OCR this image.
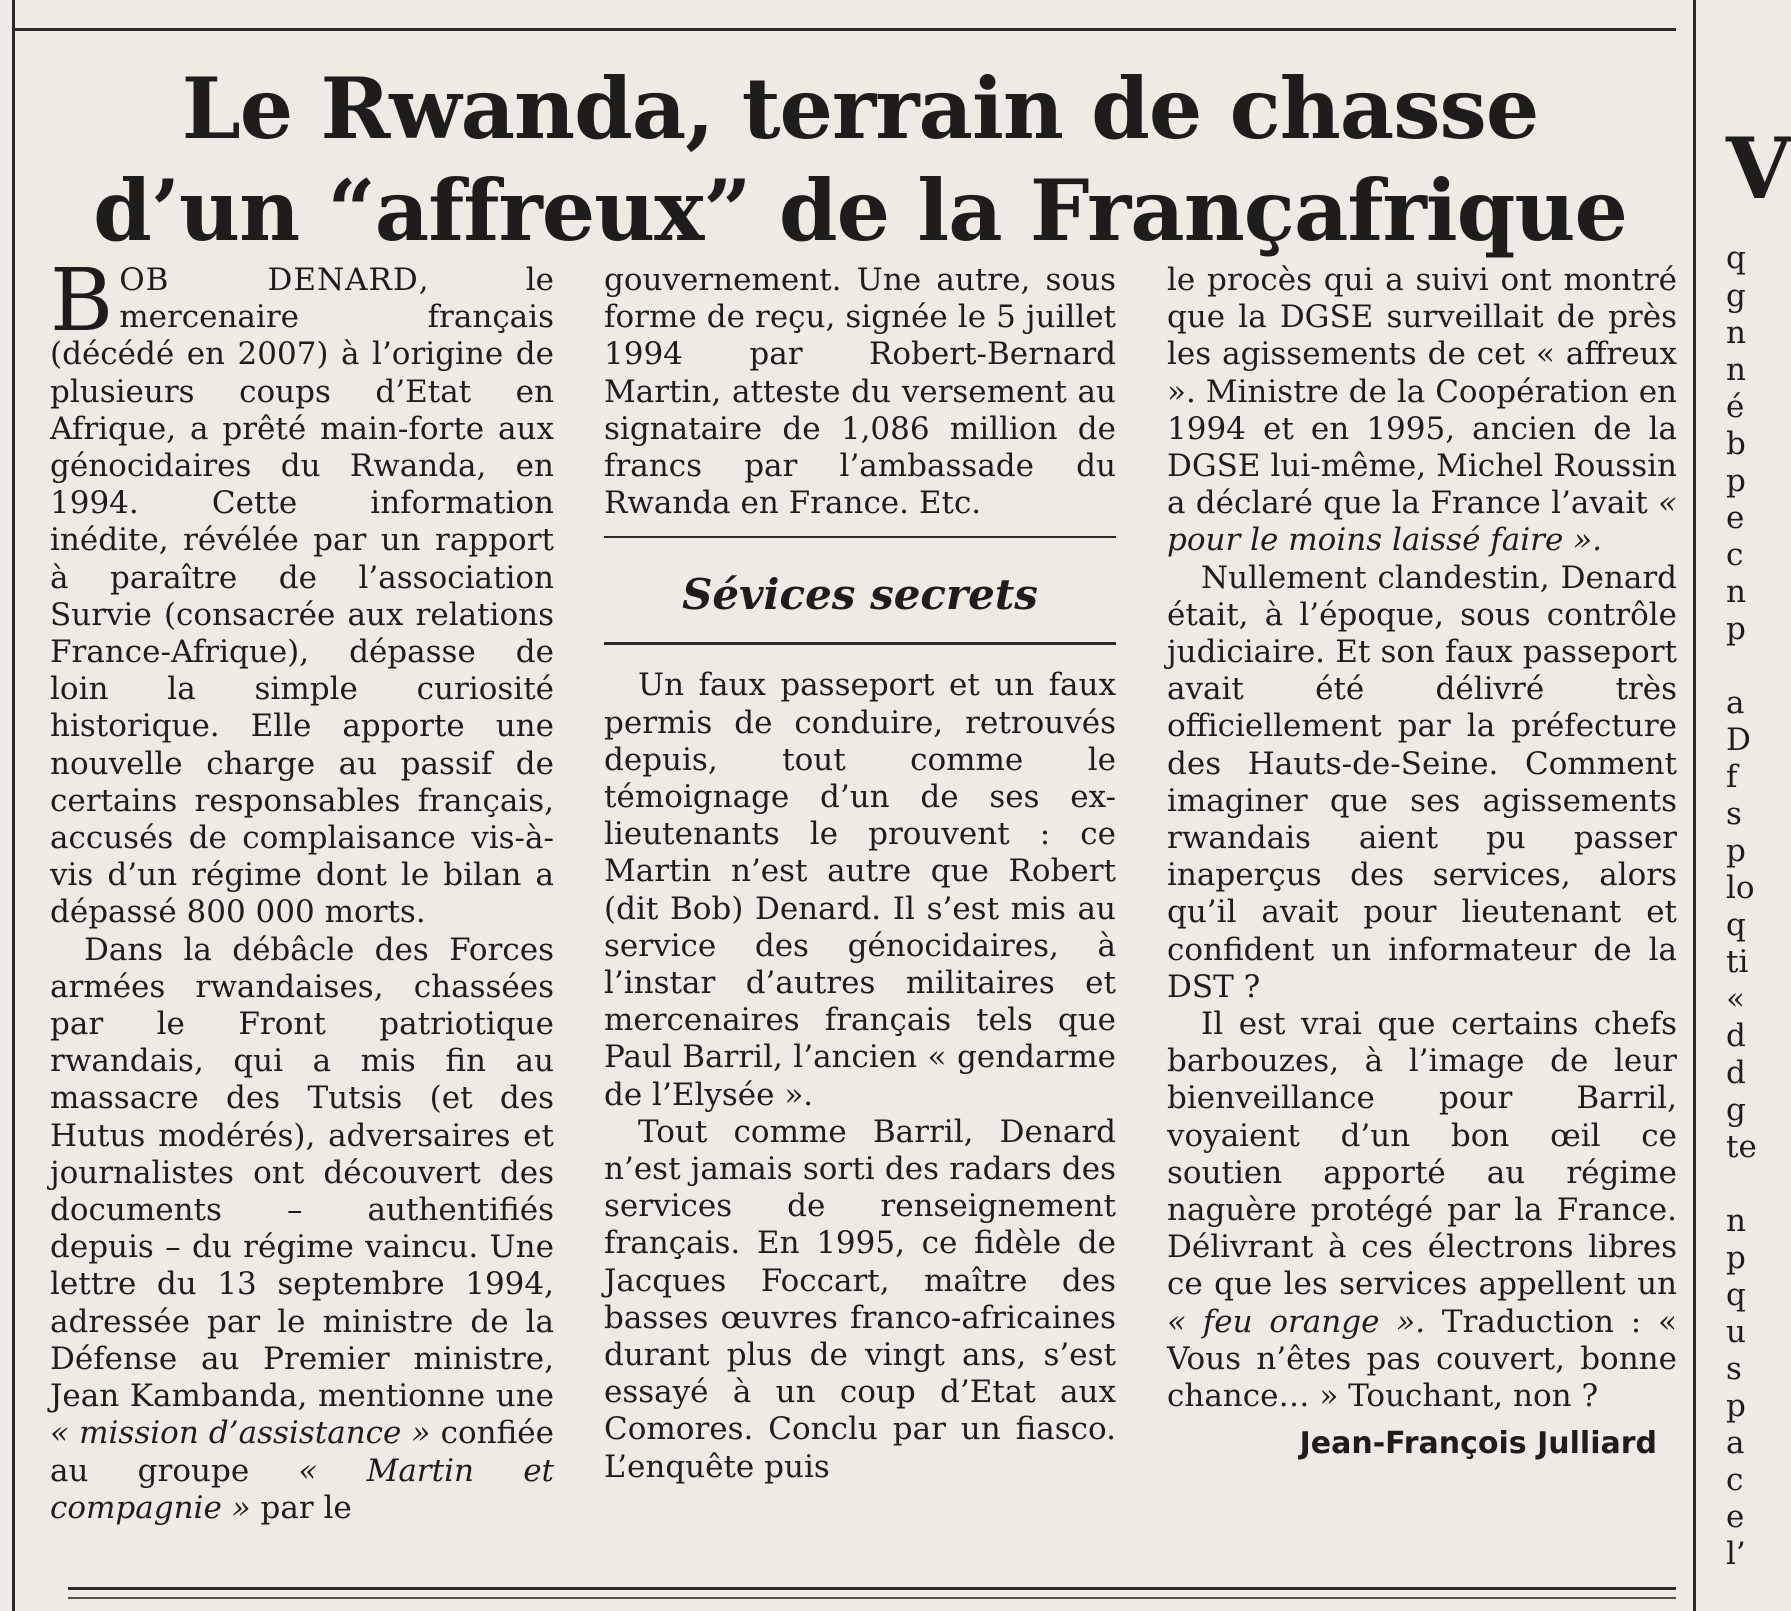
Le Rwanda, terrain de chasse
d’un “affreux” de la Françafrique

BOB DENARD, le mercenaire français (décédé en 2007) à l’origine de plusieurs coups d’Etat en Afrique, a prêté main-forte aux génocidaires du Rwanda, en 1994. Cette information inédite, révélée par un rapport à paraître de l’association Survie (consacrée aux relations France-Afrique), dépasse de loin la simple curiosité historique. Elle apporte une nouvelle charge au passif de certains responsables français, accusés de complaisance vis-à-vis d’un régime dont le bilan a dépassé 800 000 morts.

Dans la débâcle des Forces armées rwandaises, chassées par le Front patriotique rwandais, qui a mis fin au massacre des Tutsis (et des Hutus modérés), adversaires et journalistes ont découvert des documents – authentifiés depuis – du régime vaincu. Une lettre du 13 septembre 1994, adressée par le ministre de la Défense au Premier ministre, Jean Kambanda, mentionne une « mission d’assistance » confiée au groupe « Martin et compagnie » par le

gouvernement. Une autre, sous forme de reçu, signée le 5 juillet 1994 par Robert-Bernard Martin, atteste du versement au signataire de 1,086 million de francs par l’ambassade du Rwanda en France. Etc.

Sévices secrets

Un faux passeport et un faux permis de conduire, retrouvés depuis, tout comme le témoignage d’un de ses ex-lieutenants le prouvent : ce Martin n’est autre que Robert (dit Bob) Denard. Il s’est mis au service des génocidaires, à l’instar d’autres militaires et mercenaires français tels que Paul Barril, l’ancien « gendarme de l’Elysée ».

Tout comme Barril, Denard n’est jamais sorti des radars des services de renseignement français. En 1995, ce fidèle de Jacques Foccart, maître des basses œuvres franco-africaines durant plus de vingt ans, s’est essayé à un coup d’Etat aux Comores. Conclu par un fiasco. L’enquête puis

le procès qui a suivi ont montré que la DGSE surveillait de près les agissements de cet « affreux ». Ministre de la Coopération en 1994 et en 1995, ancien de la DGSE lui-même, Michel Roussin a déclaré que la France l’avait « pour le moins laissé faire ».

Nullement clandestin, Denard était, à l’époque, sous contrôle judiciaire. Et son faux passeport avait été délivré très officiellement par la préfecture des Hauts-de-Seine. Comment imaginer que ses agissements rwandais aient pu passer inaperçus des services, alors qu’il avait pour lieutenant et confident un informateur de la DST ?

Il est vrai que certains chefs barbouzes, à l’image de leur bienveillance pour Barril, voyaient d’un bon œil ce soutien apporté au régime naguère protégé par la France. Délivrant à ces électrons libres ce que les services appellent un « feu orange ». Traduction : « Vous n’êtes pas couvert, bonne chance… » Touchant, non ?

Jean-François Julliard
V
q
g
n
n
é
b
p
e
c
n
p
a
D
f
s
p
lo
q
ti
«
d
d
g
te
n
p
q
u
s
p
a
c
e
l’
